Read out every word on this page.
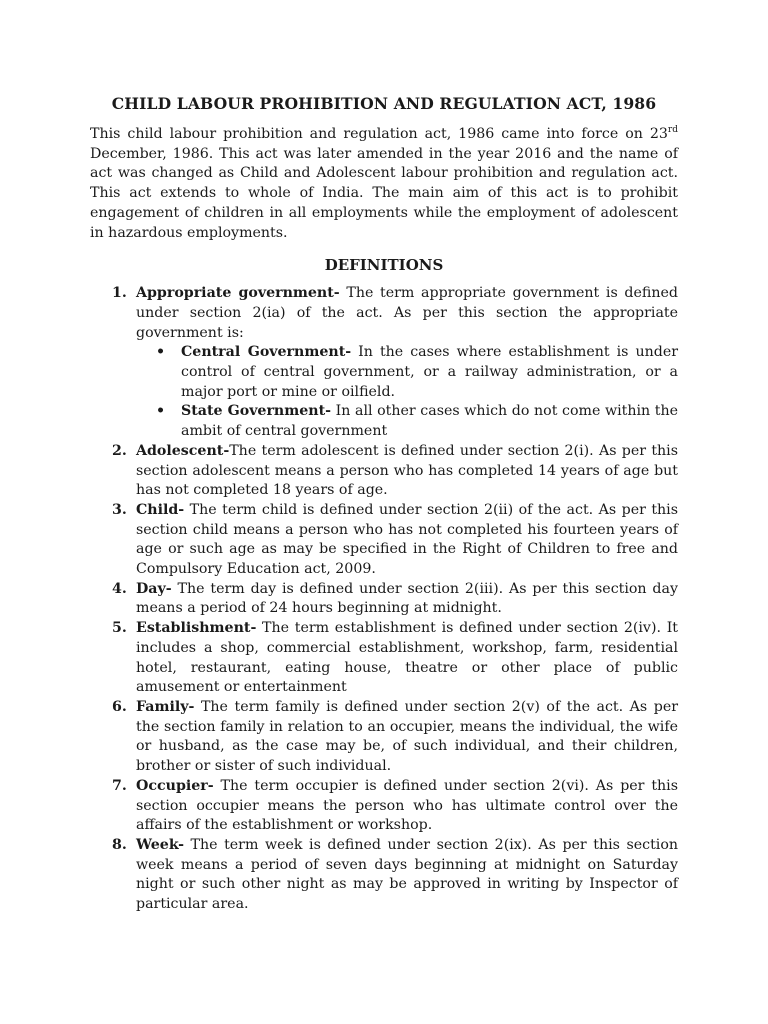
CHILD LABOUR PROHIBITION AND REGULATION ACT, 1986

This child labour prohibition and regulation act, 1986 came into force on 23rd December, 1986. This act was later amended in the year 2016 and the name of act was changed as Child and Adolescent labour prohibition and regulation act. This act extends to whole of India. The main aim of this act is to prohibit engagement of children in all employments while the employment of adolescent in hazardous employments.

DEFINITIONS
1. Appropriate government- The term appropriate government is defined under section 2(ia) of the act. As per this section the appropriate government is:
• Central Government- In the cases where establishment is under control of central government, or a railway administration, or a major port or mine or oilfield.
• State Government- In all other cases which do not come within the ambit of central government
2. Adolescent-The term adolescent is defined under section 2(i). As per this section adolescent means a person who has completed 14 years of age but has not completed 18 years of age.
3. Child- The term child is defined under section 2(ii) of the act. As per this section child means a person who has not completed his fourteen years of age or such age as may be specified in the Right of Children to free and Compulsory Education act, 2009.
4. Day- The term day is defined under section 2(iii). As per this section day means a period of 24 hours beginning at midnight.
5. Establishment- The term establishment is defined under section 2(iv). It includes a shop, commercial establishment, workshop, farm, residential hotel, restaurant, eating house, theatre or other place of public amusement or entertainment
6. Family- The term family is defined under section 2(v) of the act. As per the section family in relation to an occupier, means the individual, the wife or husband, as the case may be, of such individual, and their children, brother or sister of such individual.
7. Occupier- The term occupier is defined under section 2(vi). As per this section occupier means the person who has ultimate control over the affairs of the establishment or workshop.
8. Week- The term week is defined under section 2(ix). As per this section week means a period of seven days beginning at midnight on Saturday night or such other night as may be approved in writing by Inspector of particular area.
